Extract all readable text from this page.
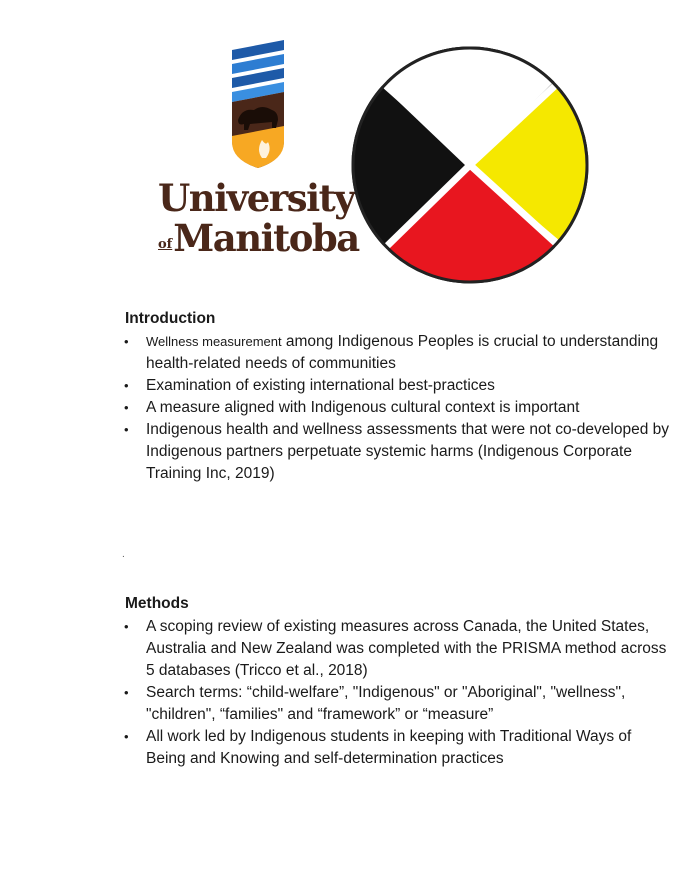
University
of Manitoba
Introduction
• Wellness measurement among Indigenous Peoples is crucial to understanding health-related needs of communities
• Examination of existing international best-practices
• A measure aligned with Indigenous cultural context is important
• Indigenous health and wellness assessments that were not co-developed by Indigenous partners perpetuate systemic harms (Indigenous Corporate Training Inc, 2019)
.
Methods
• A scoping review of existing measures across Canada, the United States, Australia and New Zealand was completed with the PRISMA method across 5 databases (Tricco et al., 2018)
• Search terms: “child-welfare”, "Indigenous" or "Aboriginal", "wellness", "children", “families" and “framework” or “measure”
• All work led by Indigenous students in keeping with Traditional Ways of Being and Knowing and self-determination practices
